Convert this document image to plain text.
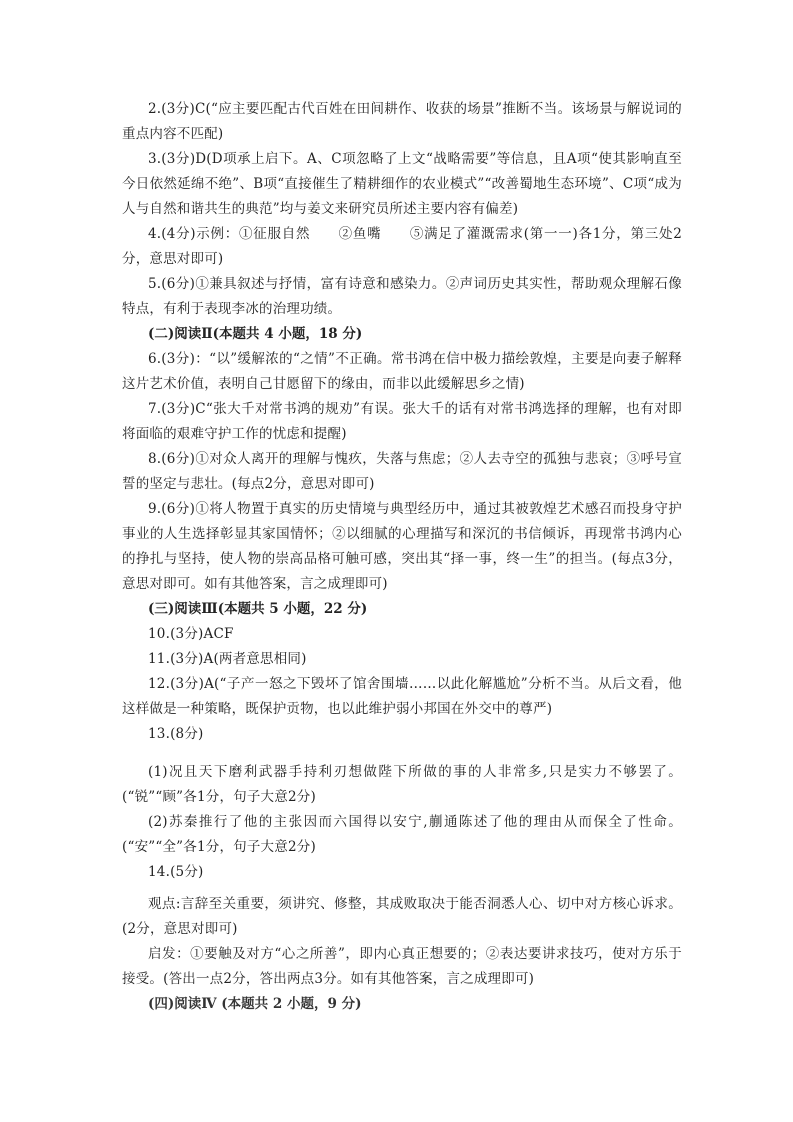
2.(3分)C(“应主要匹配古代百姓在田间耕作、收获的场景”推断不当。该场景与解说词的重点内容不匹配)

3.(3分)D(D项承上启下。A、C项忽略了上文“战略需要”等信息，且A项“使其影响直至今日依然延绵不绝”、B项“直接催生了精耕细作的农业模式”“改善蜀地生态环境”、C项“成为人与自然和谐共生的典范”均与姜文来研究员所述主要内容有偏差)

4.(4分)示例：①征服自然　　②鱼嘴　　⑤满足了灌溉需求(第一一)各1分，第三处2分，意思对即可)

5.(6分)①兼具叙述与抒情，富有诗意和感染力。②声词历史其实性，帮助观众理解石像特点，有利于表现李冰的治理功绩。

(二)阅读Ⅱ(本题共 4 小题，18 分)

6.(3分)：“以”缓解浓的“之情”不正确。常书鸿在信中极力描绘敦煌，主要是向妻子解释这片艺术价值，表明自己甘愿留下的缘由，而非以此缓解思乡之情)

7.(3分)C“张大千对常书鸿的规劝”有误。张大千的话有对常书鸿选择的理解，也有对即将面临的艰难守护工作的忧虑和提醒)

8.(6分)①对众人离开的理解与愧疚，失落与焦虑；②人去寺空的孤独与悲哀；③呼号宣誓的坚定与悲壮。(每点2分，意思对即可)

9.(6分)①将人物置于真实的历史情境与典型经历中，通过其被敦煌艺术感召而投身守护事业的人生选择彰显其家国情怀；②以细腻的心理描写和深沉的书信倾诉，再现常书鸿内心的挣扎与坚持，使人物的崇高品格可触可感，突出其“择一事，终一生”的担当。(每点3分，意思对即可。如有其他答案，言之成理即可)

(三)阅读Ⅲ(本题共 5 小题，22 分)

10.(3分)ACF

11.(3分)A(两者意思相同)

12.(3分)A(“子产一怒之下毁坏了馆舍围墙……以此化解尴尬”分析不当。从后文看，他这样做是一种策略，既保护贡物，也以此维护弱小邦国在外交中的尊严)

13.(8分)

(1)况且天下磨利武器手持利刃想做陛下所做的事的人非常多,只是实力不够罢了。(“锐”“顾”各1分，句子大意2分)

(2)苏秦推行了他的主张因而六国得以安宁,蒯通陈述了他的理由从而保全了性命。(“安”“全”各1分，句子大意2分)

14.(5分)

观点:言辞至关重要，须讲究、修整，其成败取决于能否洞悉人心、切中对方核心诉求。(2分，意思对即可)

启发：①要触及对方“心之所善”，即内心真正想要的；②表达要讲求技巧，使对方乐于接受。(答出一点2分，答出两点3分。如有其他答案，言之成理即可)

(四)阅读Ⅳ (本题共 2 小题，9 分)
